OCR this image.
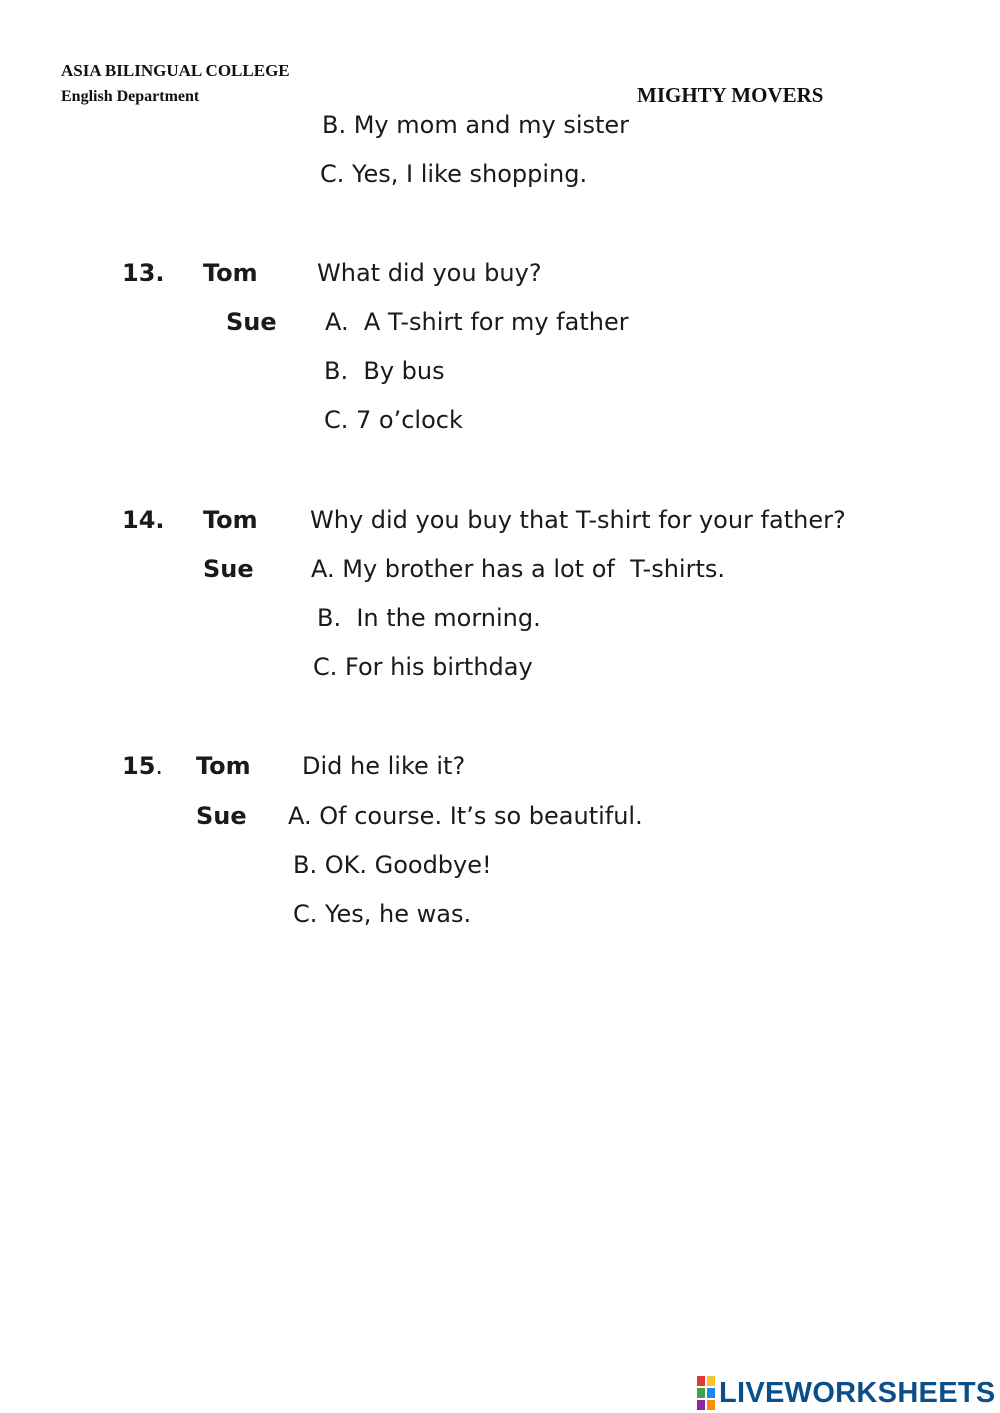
ASIA BILINGUAL COLLEGE
English Department	MIGHTY MOVERS
B. My mom and my sister
C. Yes, I like shopping.
13. Tom What did you buy?
Sue A.  A T-shirt for my father
B.  By bus
C. 7 o’clock
14. Tom Why did you buy that T-shirt for your father?
Sue A. My brother has a lot of  T-shirts.
B.  In the morning.
C. For his birthday
15. Tom Did he like it?
Sue A. Of course. It’s so beautiful.
B. OK. Goodbye!
C. Yes, he was.
LIVEWORKSHEETS
